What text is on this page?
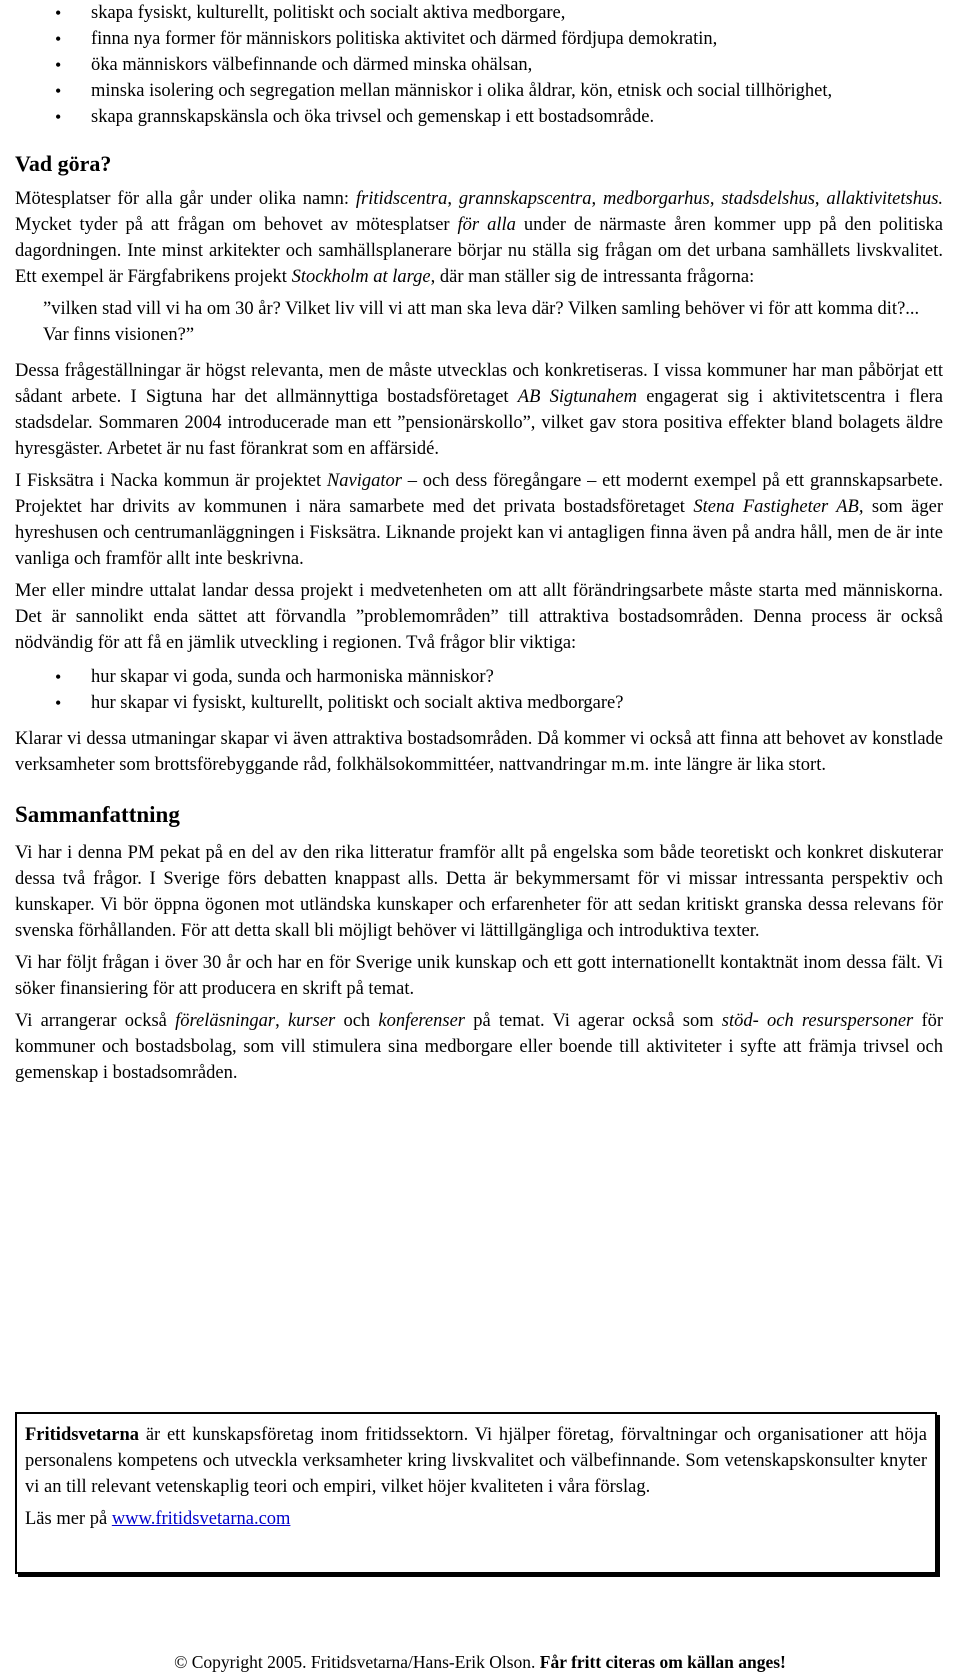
• skapa fysiskt, kulturellt, politiskt och socialt aktiva medborgare,
• finna nya former för människors politiska aktivitet och därmed fördjupa demokratin,
• öka människors välbefinnande och därmed minska ohälsan,
• minska isolering och segregation mellan människor i olika åldrar, kön, etnisk och social tillhörighet,
• skapa grannskapskänsla och öka trivsel och gemenskap i ett bostadsområde.
Vad göra?

Mötesplatser för alla går under olika namn: fritidscentra, grannskapscentra, medborgarhus, stadsdelshus, allaktivitetshus. Mycket tyder på att frågan om behovet av mötesplatser för alla under de närmaste åren kommer upp på den politiska dagordningen. Inte minst arkitekter och samhällsplanerare börjar nu ställa sig frågan om det urbana samhällets livskvalitet. Ett exempel är Färgfabrikens projekt Stockholm at large, där man ställer sig de intressanta frågorna:

”vilken stad vill vi ha om 30 år? Vilket liv vill vi att man ska leva där? Vilken samling behöver vi för att komma dit?... Var finns visionen?”

Dessa frågeställningar är högst relevanta, men de måste utvecklas och konkretiseras. I vissa kommuner har man påbörjat ett sådant arbete. I Sigtuna har det allmännyttiga bostadsföretaget AB Sigtunahem engagerat sig i aktivitetscentra i flera stadsdelar. Sommaren 2004 introducerade man ett ”pensionärskollo”, vilket gav stora positiva effekter bland bolagets äldre hyresgäster. Arbetet är nu fast förankrat som en affärsidé.

I Fisksätra i Nacka kommun är projektet Navigator – och dess föregångare – ett modernt exempel på ett grannskapsarbete. Projektet har drivits av kommunen i nära samarbete med det privata bostadsföretaget Stena Fastigheter AB, som äger hyreshusen och centrumanläggningen i Fisksätra. Liknande projekt kan vi antagligen finna även på andra håll, men de är inte vanliga och framför allt inte beskrivna.

Mer eller mindre uttalat landar dessa projekt i medvetenheten om att allt förändringsarbete måste starta med människorna. Det är sannolikt enda sättet att förvandla ”problemområden” till attraktiva bostadsområden. Denna process är också nödvändig för att få en jämlik utveckling i regionen. Två frågor blir viktiga:

• hur skapar vi goda, sunda och harmoniska människor?
• hur skapar vi fysiskt, kulturellt, politiskt och socialt aktiva medborgare?

Klarar vi dessa utmaningar skapar vi även attraktiva bostadsområden. Då kommer vi också att finna att behovet av konstlade verksamheter som brottsförebyggande råd, folkhälsokommittéer, nattvandringar m.m. inte längre är lika stort.

Sammanfattning

Vi har i denna PM pekat på en del av den rika litteratur framför allt på engelska som både teoretiskt och konkret diskuterar dessa två frågor. I Sverige förs debatten knappast alls. Detta är bekymmersamt för vi missar intressanta perspektiv och kunskaper. Vi bör öppna ögonen mot utländska kunskaper och erfarenheter för att sedan kritiskt granska dessa relevans för svenska förhållanden. För att detta skall bli möjligt behöver vi lättillgängliga och introduktiva texter.

Vi har följt frågan i över 30 år och har en för Sverige unik kunskap och ett gott internationellt kontaktnät inom dessa fält. Vi söker finansiering för att producera en skrift på temat.

Vi arrangerar också föreläsningar, kurser och konferenser på temat. Vi agerar också som stöd- och resurspersoner för kommuner och bostadsbolag, som vill stimulera sina medborgare eller boende till aktiviteter i syfte att främja trivsel och gemenskap i bostadsområden.

Fritidsvetarna är ett kunskapsföretag inom fritidssektorn. Vi hjälper företag, förvaltningar och organisationer att höja personalens kompetens och utveckla verksamheter kring livskvalitet och välbefinnande. Som vetenskapskonsulter knyter vi an till relevant vetenskaplig teori och empiri, vilket höjer kvaliteten i våra förslag.

Läs mer på www.fritidsvetarna.com

© Copyright 2005. Fritidsvetarna/Hans-Erik Olson. Får fritt citeras om källan anges!
